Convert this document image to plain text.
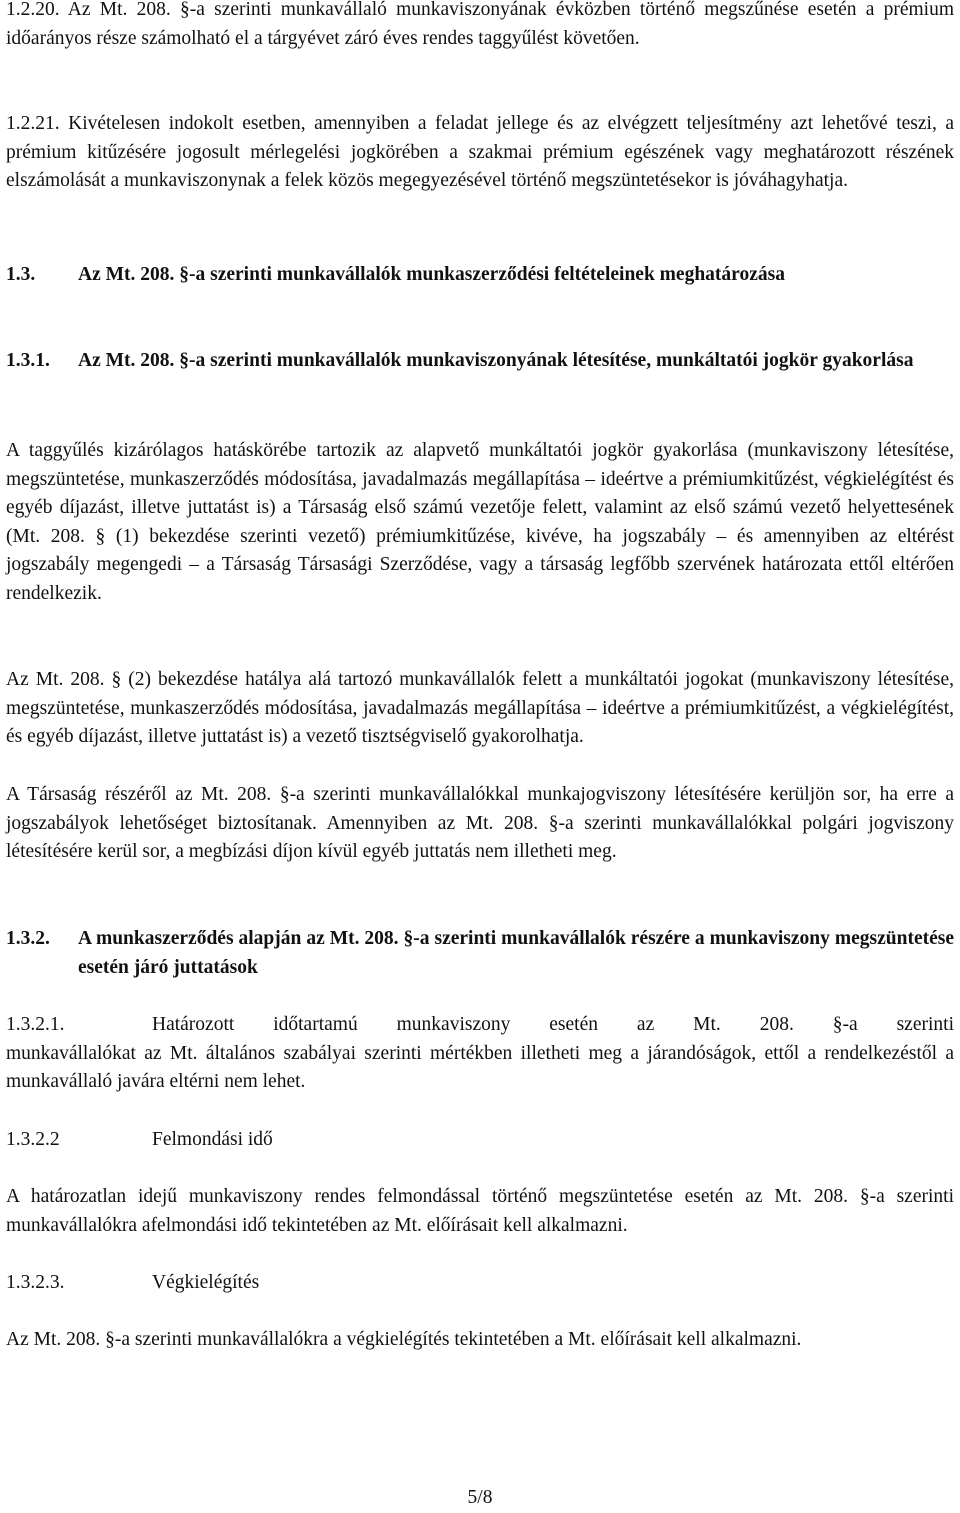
1.2.20. Az Mt. 208. §-a szerinti munkavállaló munkaviszonyának évközben történő megszűnése esetén a prémium időarányos része számolható el a tárgyévet záró éves rendes taggyűlést követően.

1.2.21. Kivételesen indokolt esetben, amennyiben a feladat jellege és az elvégzett teljesítmény azt lehetővé teszi, a prémium kitűzésére jogosult mérlegelési jogkörében a szakmai prémium egészének vagy meghatározott részének elszámolását a munkaviszonynak a felek közös megegyezésével történő megszüntetésekor is jóváhagyhatja.

1.3.	Az Mt. 208. §-a szerinti munkavállalók munkaszerződési feltételeinek meghatározása
1.3.1.	Az Mt. 208. §-a szerinti munkavállalók munkaviszonyának létesítése, munkáltatói jogkör gyakorlása

A taggyűlés kizárólagos hatáskörébe tartozik az alapvető munkáltatói jogkör gyakorlása (munkaviszony létesítése, megszüntetése, munkaszerződés módosítása, javadalmazás megállapítása – ideértve a prémiumkitűzést, végkielégítést és egyéb díjazást, illetve juttatást is) a Társaság első számú vezetője felett, valamint az első számú vezető helyettesének (Mt. 208. § (1) bekezdése szerinti vezető) prémiumkitűzése, kivéve, ha jogszabály – és amennyiben az eltérést jogszabály megengedi – a Társaság Társasági Szerződése, vagy a társaság legfőbb szervének határozata ettől eltérően rendelkezik.

Az Mt. 208. § (2) bekezdése hatálya alá tartozó munkavállalók felett a munkáltatói jogokat (munkaviszony létesítése, megszüntetése, munkaszerződés módosítása, javadalmazás megállapítása – ideértve a prémiumkitűzést, a végkielégítést, és egyéb díjazást, illetve juttatást is) a vezető tisztségviselő gyakorolhatja.

A Társaság részéről az Mt. 208. §-a szerinti munkavállalókkal munkajogviszony létesítésére kerüljön sor, ha erre a jogszabályok lehetőséget biztosítanak. Amennyiben az Mt. 208. §-a szerinti munkavállalókkal polgári jogviszony létesítésére kerül sor, a megbízási díjon kívül egyéb juttatás nem illetheti meg.

1.3.2.	A munkaszerződés alapján az Mt. 208. §-a szerinti munkavállalók részére a munkaviszony megszüntetése esetén járó juttatások
1.3.2.1.	Határozott időtartamú munkaviszony esetén az Mt. 208. §-a szerinti
munkavállalókat az Mt. általános szabályai szerinti mértékben illetheti meg a járandóságok, ettől a rendelkezéstől a munkavállaló javára eltérni nem lehet.
1.3.2.2	Felmondási idő

A határozatlan idejű munkaviszony rendes felmondással történő megszüntetése esetén az Mt. 208. §-a szerinti munkavállalókra afelmondási idő tekintetében az Mt. előírásait kell alkalmazni.

1.3.2.3.	Végkielégítés

Az Mt. 208. §-a szerinti munkavállalókra a végkielégítés tekintetében a Mt. előírásait kell alkalmazni.

5/8
